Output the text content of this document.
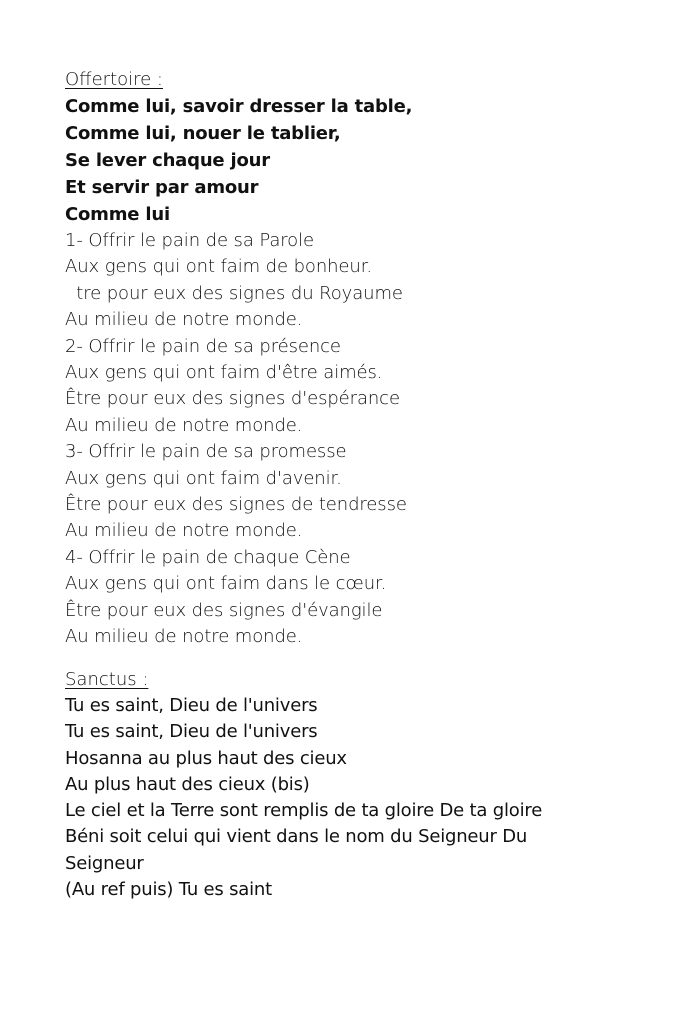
Offertoire :

Comme lui, savoir dresser la table,

Comme lui, nouer le tablier,

Se lever chaque jour

Et servir par amour

Comme lui

1- Offrir le pain de sa Parole

Aux gens qui ont faim de bonheur.

tre pour eux des signes du Royaume

Au milieu de notre monde.

2- Offrir le pain de sa présence

Aux gens qui ont faim d'être aimés.

Être pour eux des signes d'espérance

Au milieu de notre monde.

3- Offrir le pain de sa promesse

Aux gens qui ont faim d'avenir.

Être pour eux des signes de tendresse

Au milieu de notre monde.

4- Offrir le pain de chaque Cène

Aux gens qui ont faim dans le cœur.

Être pour eux des signes d'évangile

Au milieu de notre monde.

Sanctus :

Tu es saint, Dieu de l'univers

Tu es saint, Dieu de l'univers

Hosanna au plus haut des cieux

Au plus haut des cieux (bis)

Le ciel et la Terre sont remplis de ta gloire De ta gloire

Béni soit celui qui vient dans le nom du Seigneur Du

Seigneur

(Au ref puis) Tu es saint
